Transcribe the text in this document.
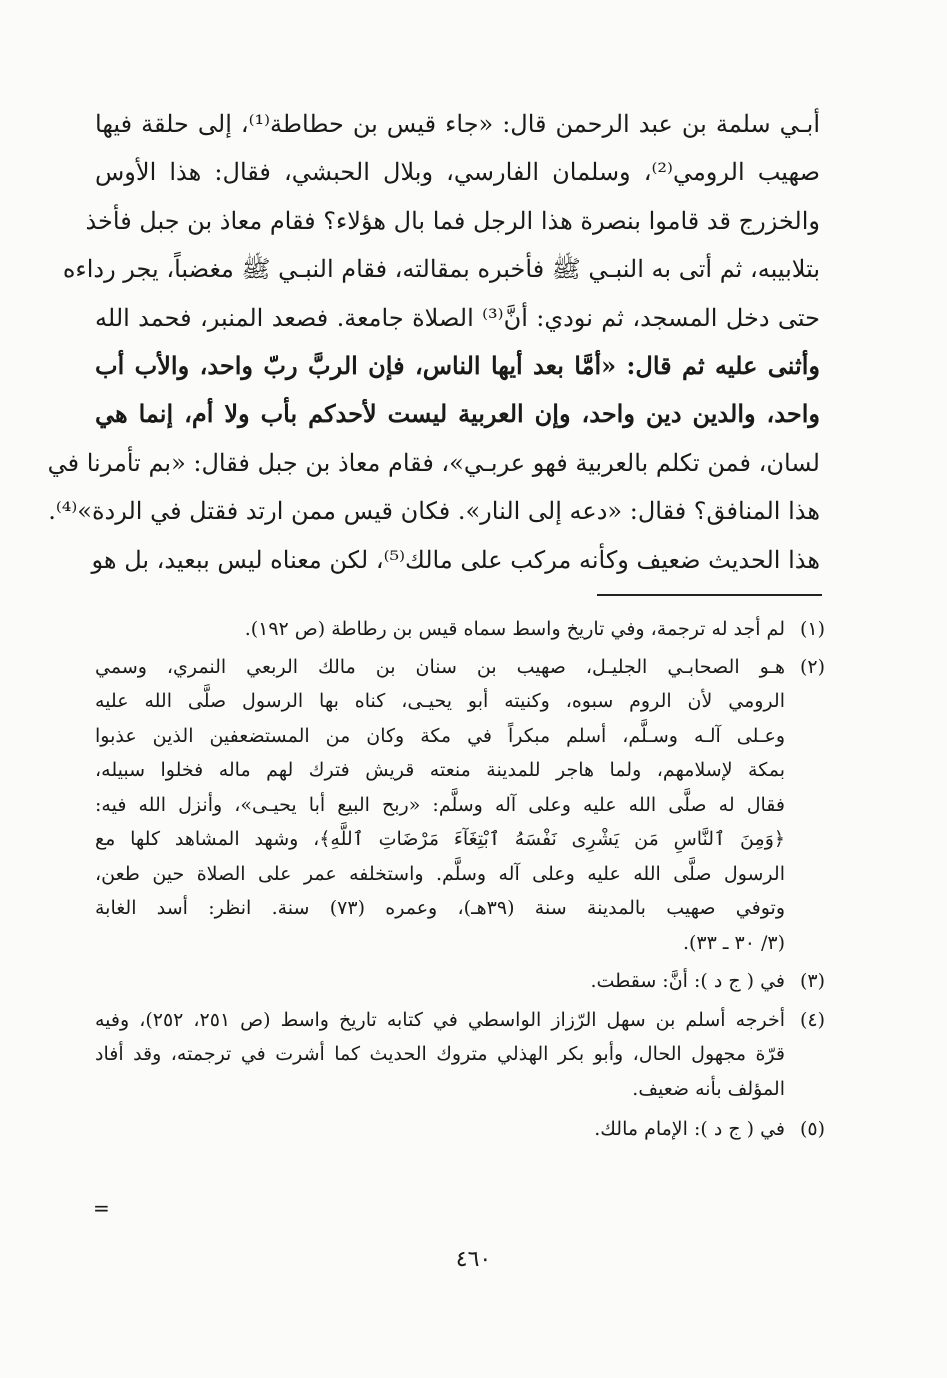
أبـي سلمة بن عبد الرحمن قال: «جاء قيس بن حطاطة⁽¹⁾، إلى حلقة فيها
صهيب الرومي⁽²⁾، وسلمان الفارسي، وبلال الحبشي، فقال: هذا الأوس
والخزرج قد قاموا بنصرة هذا الرجل فما بال هؤلاء؟ فقام معاذ بن جبل فأخذ
بتلابيبه، ثم أتى به النبـي ﷺ فأخبره بمقالته، فقام النبـي ﷺ مغضباً، يجر رداءه
حتى دخل المسجد، ثم نودي: أنَّ⁽³⁾ الصلاة جامعة. فصعد المنبر، فحمد الله
وأثنى عليه ثم قال: «أمَّا بعد أيها الناس، فإن الربَّ ربّ واحد، والأب أب
واحد، والدين دين واحد، وإن العربية ليست لأحدكم بأب ولا أم، إنما هي
لسان، فمن تكلم بالعربية فهو عربـي»، فقام معاذ بن جبل فقال: «بم تأمرنا في
هذا المنافق؟ فقال: «دعه إلى النار». فكان قيس ممن ارتد فقتل في الردة»⁽⁴⁾.
هذا الحديث ضعيف وكأنه مركب على مالك⁽⁵⁾، لكن معناه ليس ببعيد، بل هو
(١)
لم أجد له ترجمة، وفي تاريخ واسط سماه قيس بن رطاطة (ص ١٩٢).
(٢)
هـو الصحابـي الجليـل، صهيب بن سنان بن مالك الربعي النمري، وسمي
الرومي لأن الروم سبوه، وكنيته أبو يحيـى، كناه بها الرسول صلَّى الله عليه
وعـلى آلـه وسـلَّم، أسلم مبكراً في مكة وكان من المستضعفين الذين عذبوا
بمكة لإسلامهم، ولما هاجر للمدينة منعته قريش فترك لهم ماله فخلوا سبيله،
فقال له صلَّى الله عليه وعلى آله وسلَّم: «ربح البيع أبا يحيـى»، وأنزل الله فيه:
﴿وَمِنَ ٱلنَّاسِ مَن يَشْرِى نَفْسَهُ ٱبْتِغَآءَ مَرْضَاتِ ٱللَّهِ﴾، وشهد المشاهد كلها مع
الرسول صلَّى الله عليه وعلى آله وسلَّم. واستخلفه عمر على الصلاة حين طعن،
وتوفي صهيب بالمدينة سنة (٣٩هـ)، وعمره (٧٣) سنة. انظر: أسد الغابة
(٣/ ٣٠ ـ ٣٣).
(٣)
في ( ج د ): أنَّ: سقطت.
(٤)
أخرجه أسلم بن سهل الرّزاز الواسطي في كتابه تاريخ واسط (ص ٢٥١، ٢٥٢)، وفيه
قرّة مجهول الحال، وأبو بكر الهذلي متروك الحديث كما أشرت في ترجمته، وقد أفاد
المؤلف بأنه ضعيف.
(٥)
في ( ج د ): الإمام مالك.
=
٤٦٠
